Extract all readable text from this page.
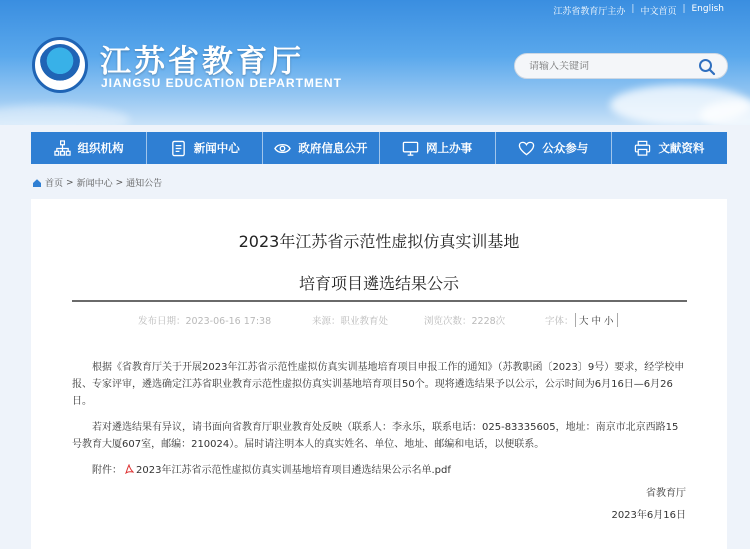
江苏省教育厅主办 | 中文首页 | English
江苏省教育厅
JIANGSU EDUCATION DEPARTMENT
请输入关键词
组织机构	新闻中心	政府信息公开	网上办事	公众参与	文献资料
首页 > 新闻中心 > 通知公告
2023年江苏省示范性虚拟仿真实训基地
培育项目遴选结果公示
发布日期：2023-06-16 17:38	来源：职业教育处	浏览次数：2228次	字体： 大 中 小
根据《省教育厅关于开展2023年江苏省示范性虚拟仿真实训基地培育项目申报工作的通知》（苏教职函〔2023〕9号）要求，经学校申报、专家评审，遴选确定江苏省职业教育示范性虚拟仿真实训基地培育项目50个。现将遴选结果予以公示，公示时间为6月16日—6月26日。
若对遴选结果有异议，请书面向省教育厅职业教育处反映（联系人：李永乐，联系电话：025-83335605，地址：南京市北京西路15号教育大厦607室，邮编：210024）。届时请注明本人的真实姓名、单位、地址、邮编和电话，以便联系。
附件： 2023年江苏省示范性虚拟仿真实训基地培育项目遴选结果公示名单.pdf
省教育厅
2023年6月16日
